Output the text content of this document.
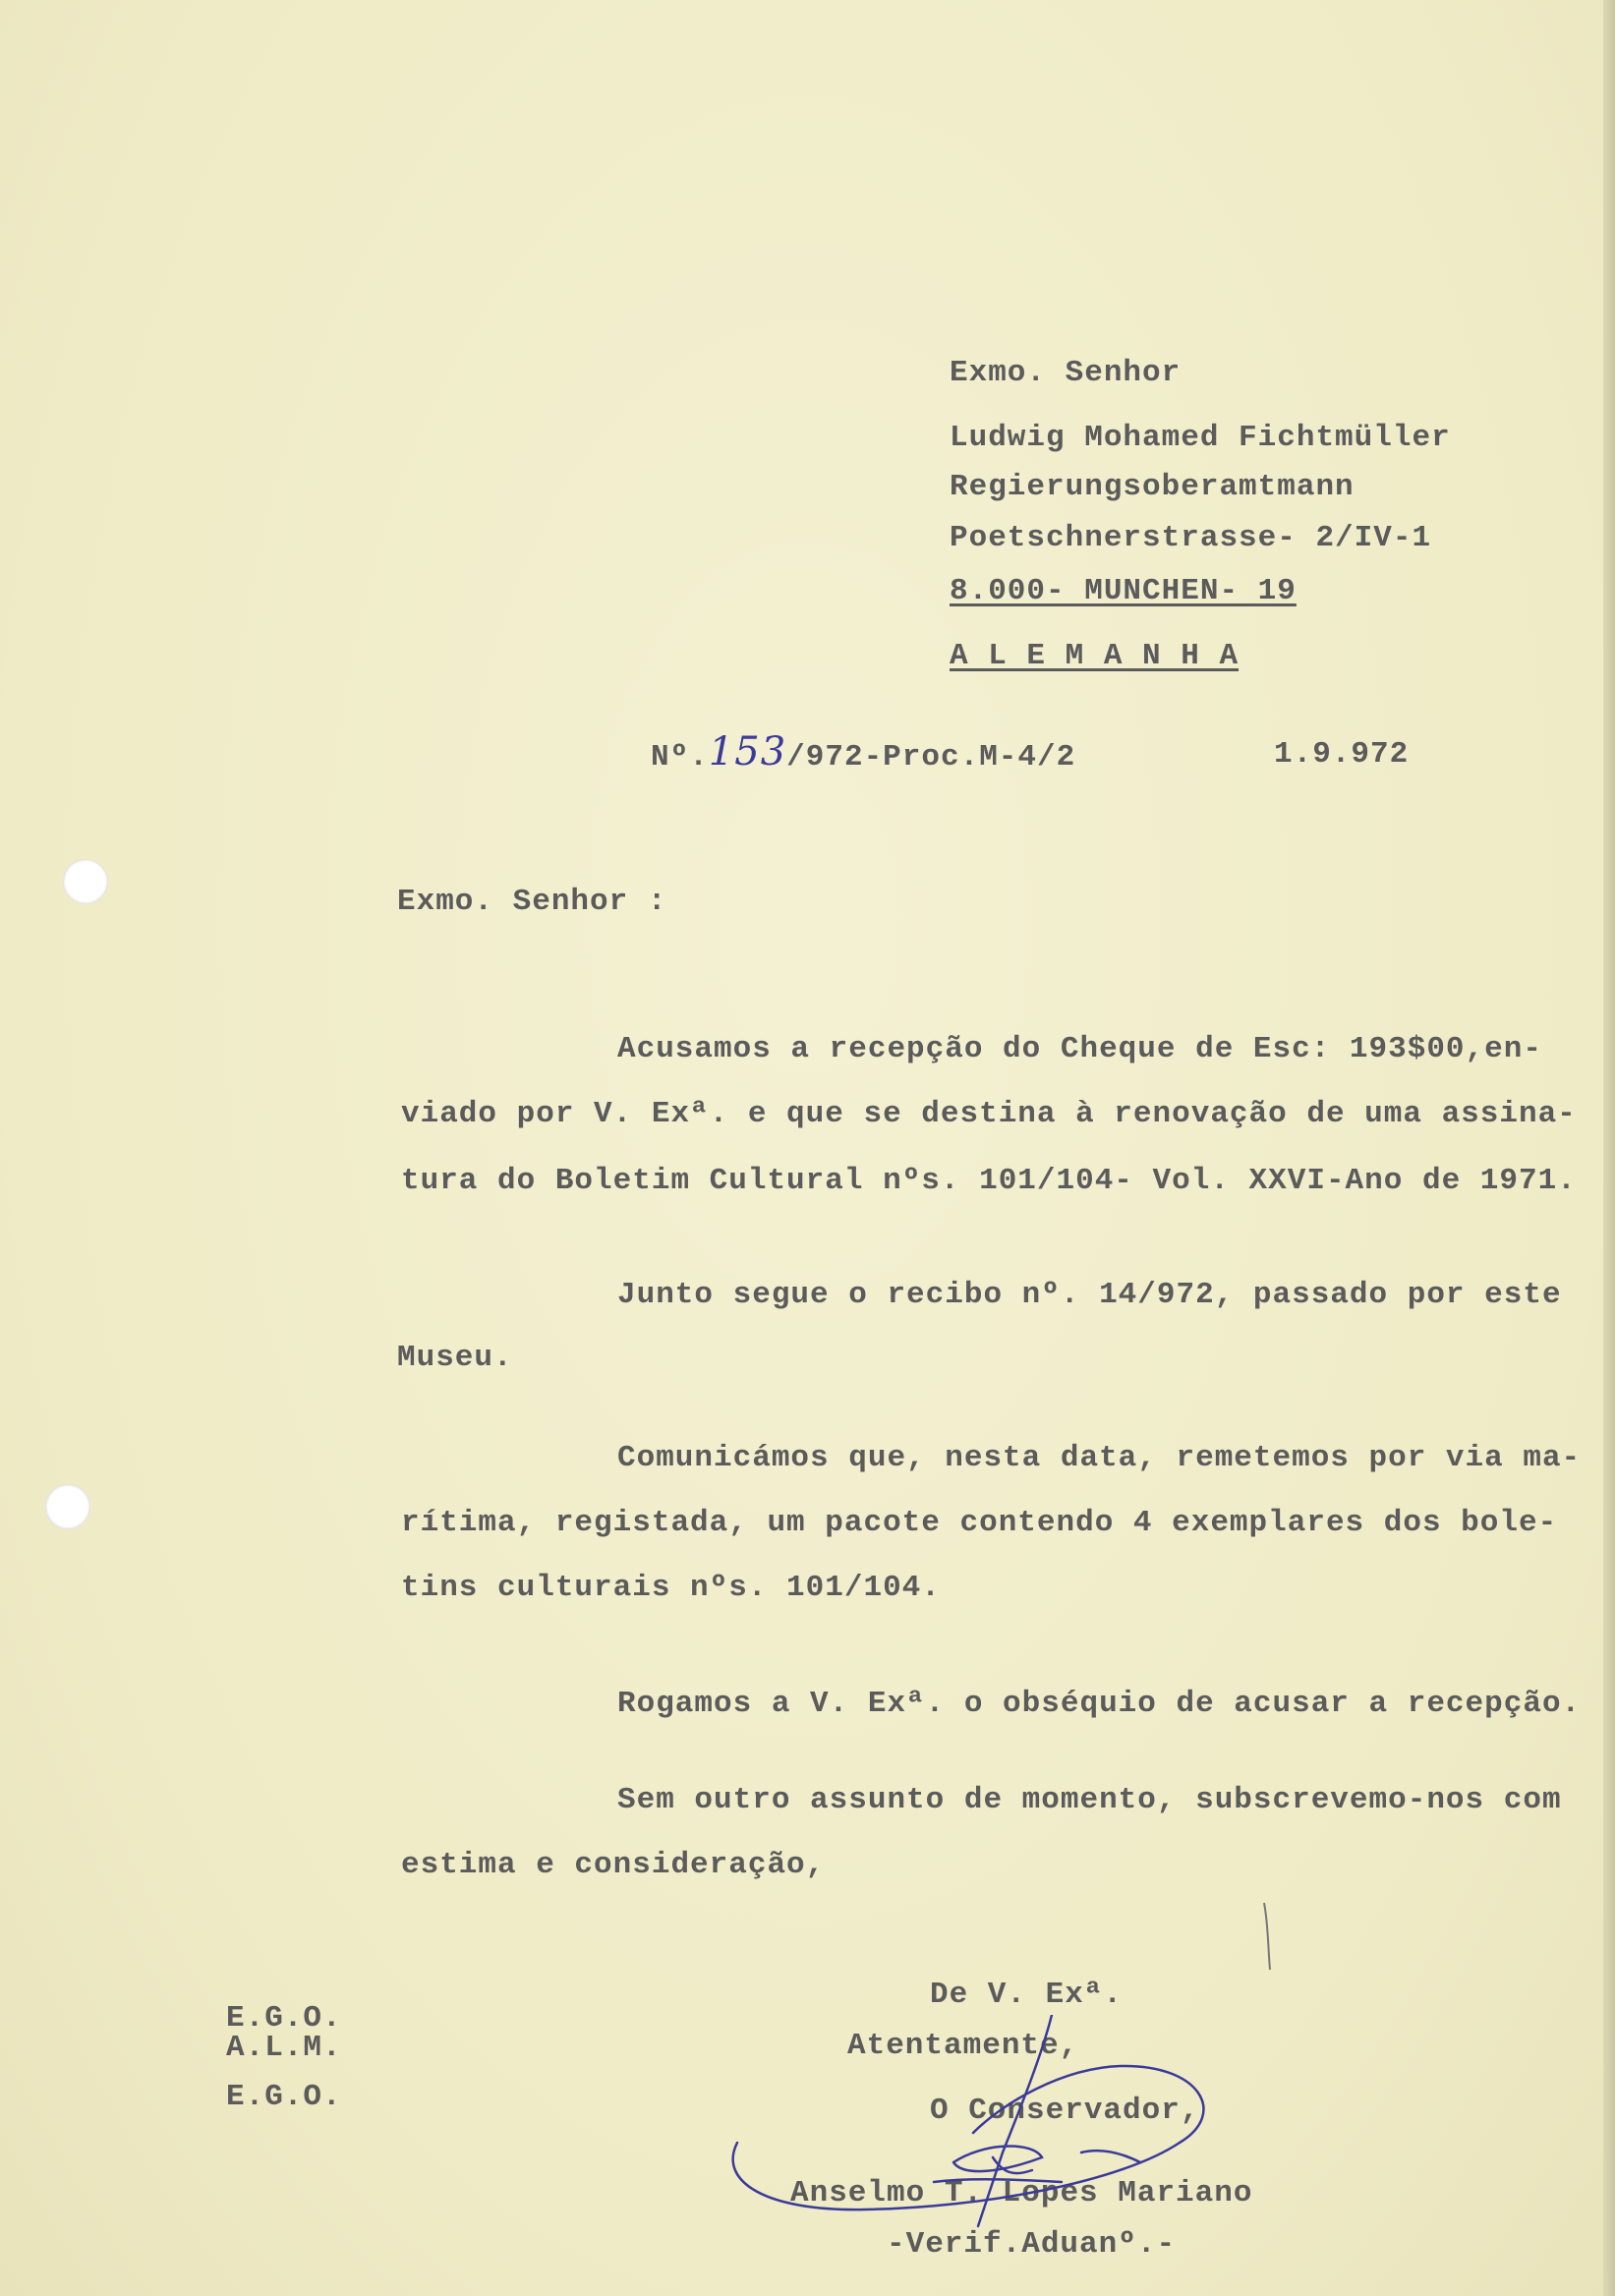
Exmo. Senhor
Ludwig Mohamed Fichtmüller
Regierungsoberamtmann
Poetschnerstrasse- 2/IV-1
8.000- MUNCHEN- 19
A L E M A N H A
Nº.153/972-Proc.M-4/2	1.9.972
Exmo. Senhor :
Acusamos a recepção do Cheque de Esc: 193$00,en-
viado por V. Exª. e que se destina à renovação de uma assina-
tura do Boletim Cultural nºs. 101/104- Vol. XXVI-Ano de 1971.
Junto segue o recibo nº. 14/972, passado por este
Museu.
Comunicámos que, nesta data, remetemos por via ma-
rítima, registada, um pacote contendo 4 exemplares dos bole-
tins culturais nºs. 101/104.
Rogamos a V. Exª. o obséquio de acusar a recepção.
Sem outro assunto de momento, subscrevemo-nos com
estima e consideração,
E.G.O.
A.L.M.
E.G.O.
De V. Exª.
Atentamente,
O Conservador,
Anselmo T. Lopes Mariano
-Verif.Aduanº.-
